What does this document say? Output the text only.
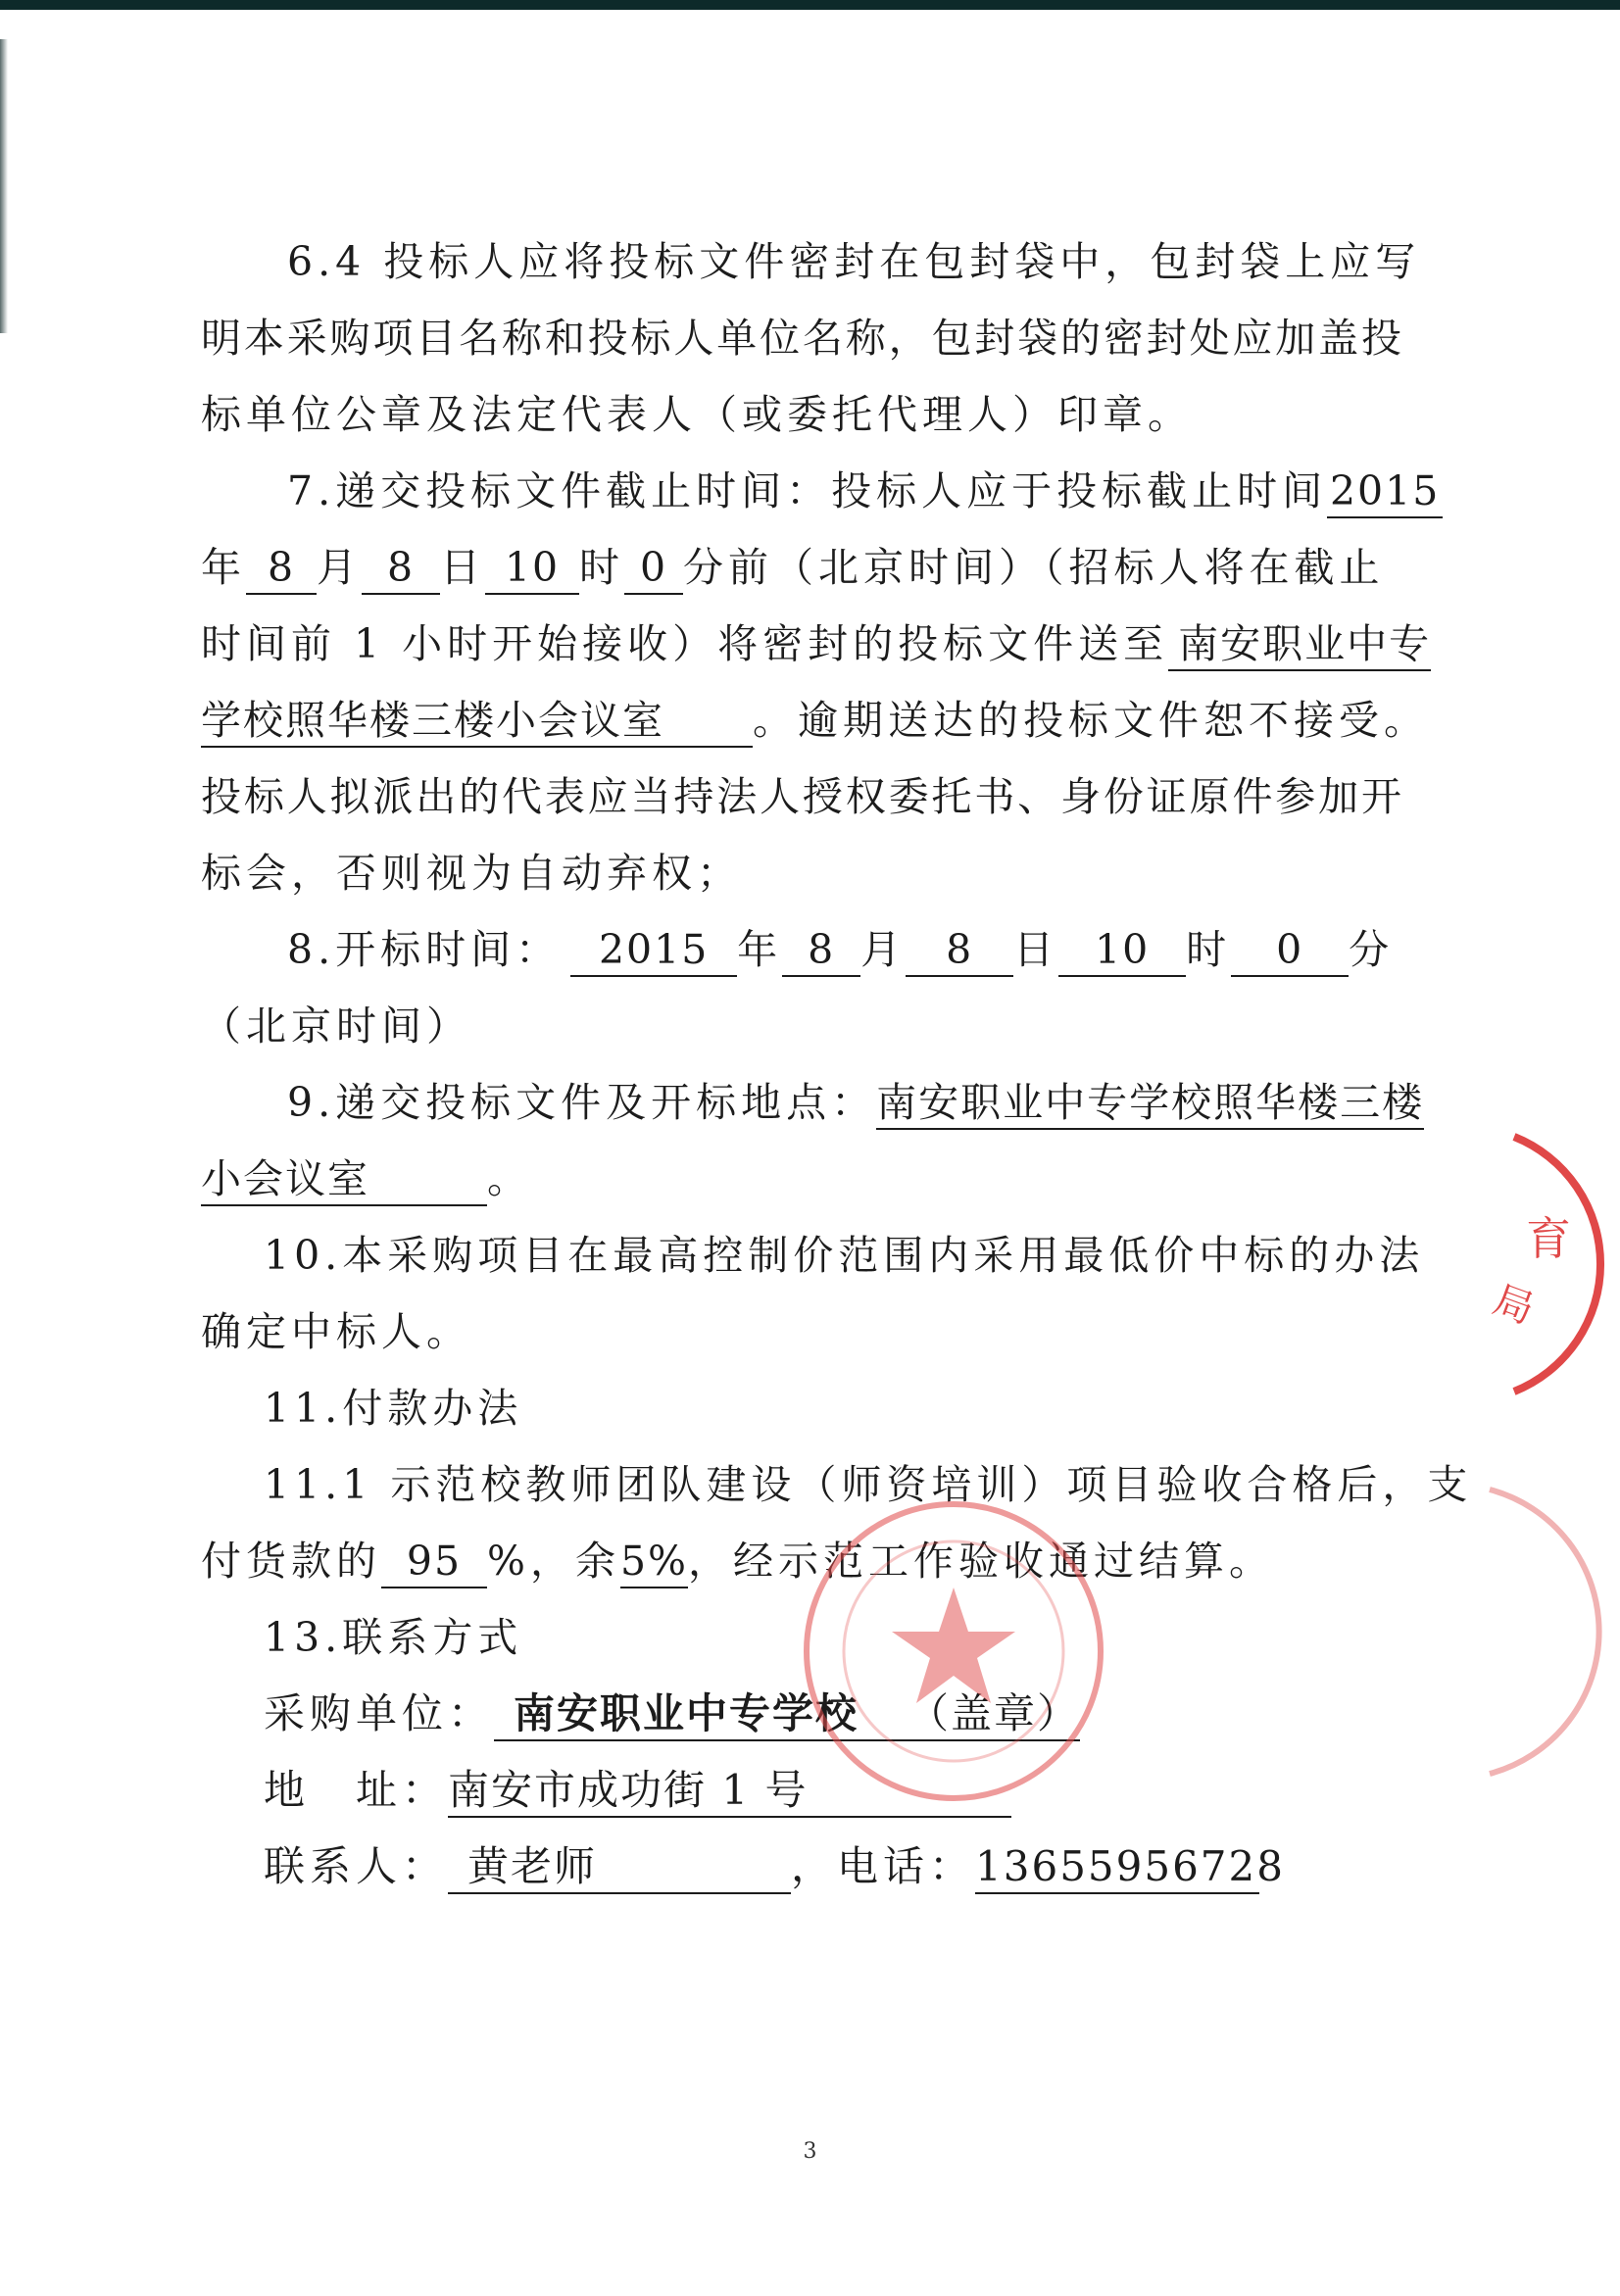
6.4 投标人应将投标文件密封在包封袋中，包封袋上应写
明本采购项目名称和投标人单位名称，包封袋的密封处应加盖投
标单位公章及法定代表人（或委托代理人）印章。
7.递交投标文件截止时间：投标人应于投标截止时间2015
年 8 月 8 日 10 时 0 分前（北京时间）（招标人将在截止
时间前 1 小时开始接收）将密封的投标文件送至 南安职业中专
学校照华楼三楼小会议室 。逾期送达的投标文件恕不接受。
投标人拟派出的代表应当持法人授权委托书、身份证原件参加开
标会，否则视为自动弃权；
8.开标时间： 2015 年 8 月 8 日 10 时 0 分
（北京时间）
9.递交投标文件及开标地点：南安职业中专学校照华楼三楼
小会议室	。
10.本采购项目在最高控制价范围内采用最低价中标的办法
确定中标人。
11.付款办法
11.1 示范校教师团队建设（师资培训）项目验收合格后，支
付货款的 95 %，余5%，经示范工作验收通过结算。
13.联系方式
采购单位： 南安职业中专学校 （盖章）
地　址：南安市成功街 1 号
联系人： 黄老师	，电话：13655956728
育
局
3
